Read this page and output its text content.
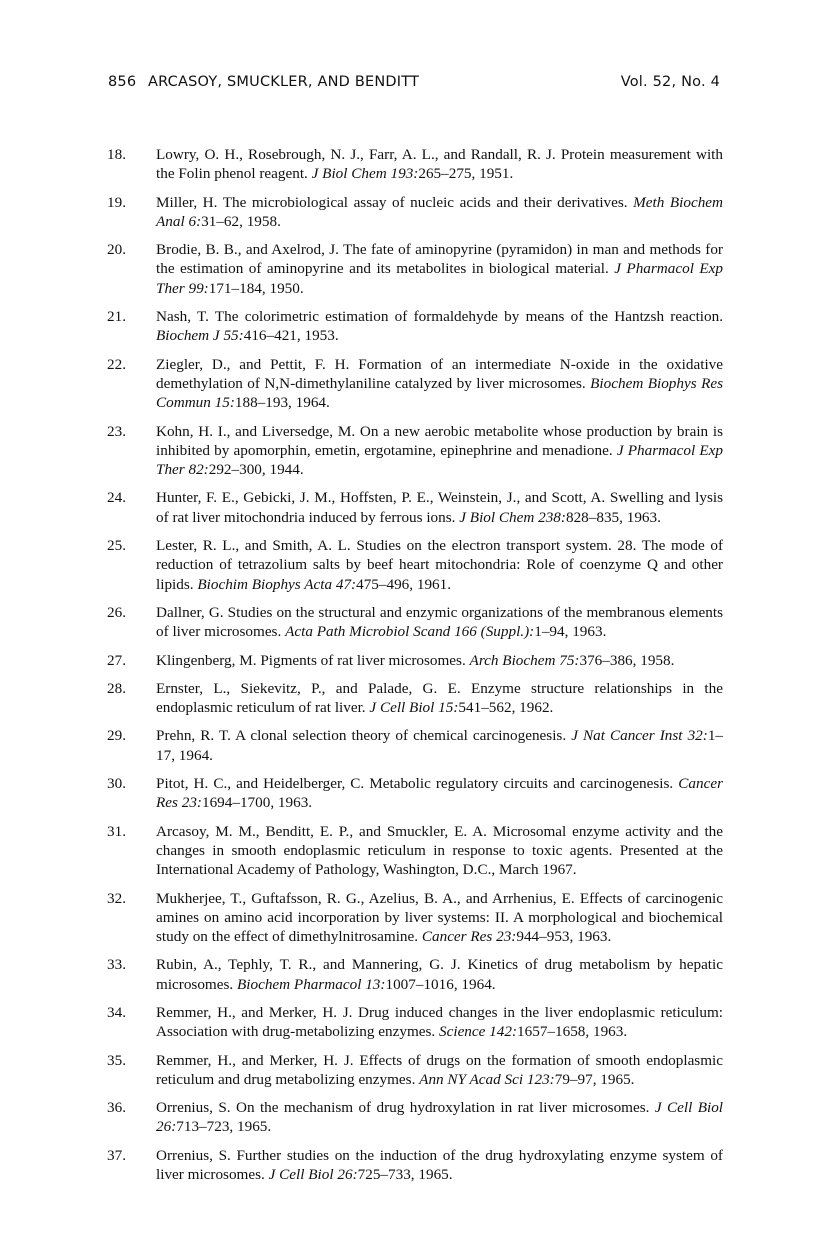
856 ARCASOY, SMUCKLER, AND BENDITT	Vol. 52, No. 4
18. Lowry, O. H., Rosebrough, N. J., Farr, A. L., and Randall, R. J. Protein measurement with the Folin phenol reagent. J Biol Chem 193:265–275, 1951.
19. Miller, H. The microbiological assay of nucleic acids and their derivatives. Meth Biochem Anal 6:31–62, 1958.
20. Brodie, B. B., and Axelrod, J. The fate of aminopyrine (pyramidon) in man and methods for the estimation of aminopyrine and its metabolites in biological material. J Pharmacol Exp Ther 99:171–184, 1950.
21. Nash, T. The colorimetric estimation of formaldehyde by means of the Hantzsh reaction. Biochem J 55:416–421, 1953.
22. Ziegler, D., and Pettit, F. H. Formation of an intermediate N-oxide in the oxidative demethylation of N,N-dimethylaniline catalyzed by liver microsomes. Biochem Biophys Res Commun 15:188–193, 1964.
23. Kohn, H. I., and Liversedge, M. On a new aerobic metabolite whose production by brain is inhibited by apomorphin, emetin, ergotamine, epinephrine and menadione. J Pharmacol Exp Ther 82:292–300, 1944.
24. Hunter, F. E., Gebicki, J. M., Hoffsten, P. E., Weinstein, J., and Scott, A. Swelling and lysis of rat liver mitochondria induced by ferrous ions. J Biol Chem 238:828–835, 1963.
25. Lester, R. L., and Smith, A. L. Studies on the electron transport system. 28. The mode of reduction of tetrazolium salts by beef heart mitochondria: Role of coenzyme Q and other lipids. Biochim Biophys Acta 47:475–496, 1961.
26. Dallner, G. Studies on the structural and enzymic organizations of the membranous elements of liver microsomes. Acta Path Microbiol Scand 166 (Suppl.):1–94, 1963.
27. Klingenberg, M. Pigments of rat liver microsomes. Arch Biochem 75:376–386, 1958.
28. Ernster, L., Siekevitz, P., and Palade, G. E. Enzyme structure relationships in the endoplasmic reticulum of rat liver. J Cell Biol 15:541–562, 1962.
29. Prehn, R. T. A clonal selection theory of chemical carcinogenesis. J Nat Cancer Inst 32:1–17, 1964.
30. Pitot, H. C., and Heidelberger, C. Metabolic regulatory circuits and carcinogenesis. Cancer Res 23:1694–1700, 1963.
31. Arcasoy, M. M., Benditt, E. P., and Smuckler, E. A. Microsomal enzyme activity and the changes in smooth endoplasmic reticulum in response to toxic agents. Presented at the International Academy of Pathology, Washington, D.C., March 1967.
32. Mukherjee, T., Guftafsson, R. G., Azelius, B. A., and Arrhenius, E. Effects of carcinogenic amines on amino acid incorporation by liver systems: II. A morphological and biochemical study on the effect of dimethylnitrosamine. Cancer Res 23:944–953, 1963.
33. Rubin, A., Tephly, T. R., and Mannering, G. J. Kinetics of drug metabolism by hepatic microsomes. Biochem Pharmacol 13:1007–1016, 1964.
34. Remmer, H., and Merker, H. J. Drug induced changes in the liver endoplasmic reticulum: Association with drug-metabolizing enzymes. Science 142:1657–1658, 1963.
35. Remmer, H., and Merker, H. J. Effects of drugs on the formation of smooth endoplasmic reticulum and drug metabolizing enzymes. Ann NY Acad Sci 123:79–97, 1965.
36. Orrenius, S. On the mechanism of drug hydroxylation in rat liver microsomes. J Cell Biol 26:713–723, 1965.
37. Orrenius, S. Further studies on the induction of the drug hydroxylating enzyme system of liver microsomes. J Cell Biol 26:725–733, 1965.
